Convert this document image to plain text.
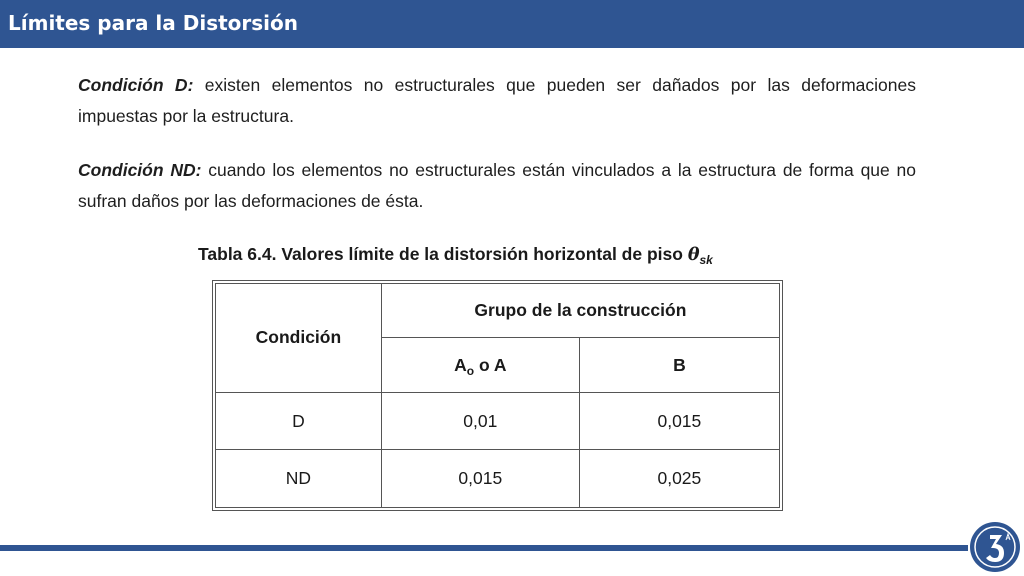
Límites para la Distorsión
Condición D: existen elementos no estructurales que pueden ser dañados por las deformaciones impuestas por la estructura.
Condición ND: cuando los elementos no estructurales están vinculados a la estructura de forma que no sufran daños por las deformaciones de ésta.
Tabla 6.4. Valores límite de la distorsión horizontal de piso $\theta_{sk}$
Condición	Grupo de la construcción	
	$A_o$ o A	B
D	0,01	0,015
ND	0,015	0,025
